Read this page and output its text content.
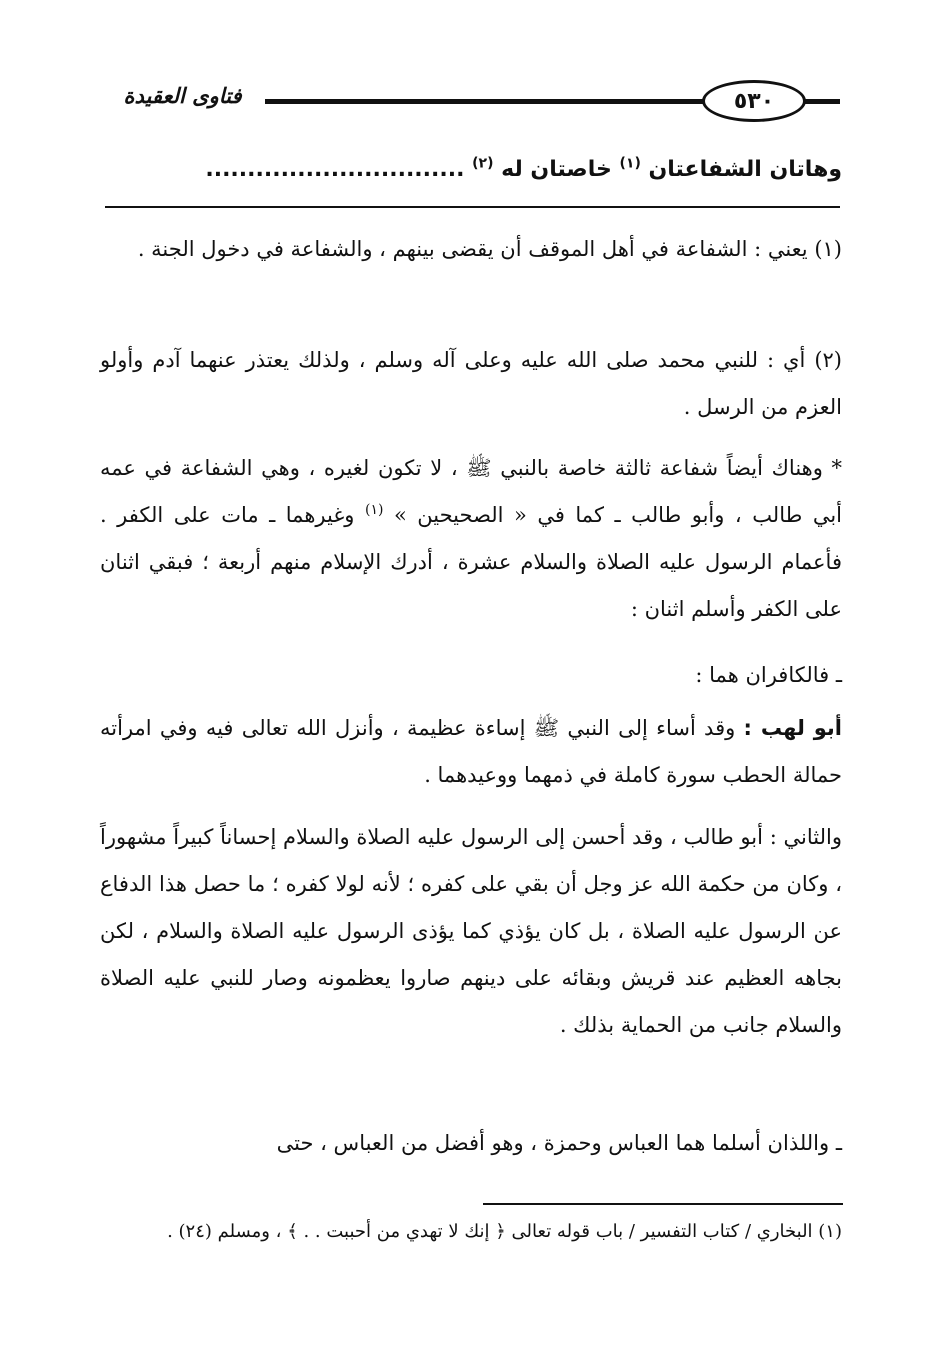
٥٣٠
فتاوى العقيدة
وهاتان الشفاعتان $^{(١)}$ خاصتان له $^{(٢)}$ ...............................
(١) يعني : الشفاعة في أهل الموقف أن يقضى بينهم ، والشفاعة في دخول الجنة .
(٢) أي : للنبي محمد صلى الله عليه وعلى آله وسلم ، ولذلك يعتذر عنهما آدم وأولو العزم من الرسل .
* وهناك أيضاً شفاعة ثالثة خاصة بالنبي ﷺ ، لا تكون لغيره ، وهي الشفاعة في عمه أبي طالب ، وأبو طالب ـ كما في « الصحيحين » $^{(١)}$ وغيرهما ـ مات على الكفر . فأعمام الرسول عليه الصلاة والسلام عشرة ، أدرك الإسلام منهم أربعة ؛ فبقي اثنان على الكفر وأسلم اثنان :
ـ فالكافران هما :
أبو لهب : وقد أساء إلى النبي ﷺ إساءة عظيمة ، وأنزل الله تعالى فيه وفي امرأته حمالة الحطب سورة كاملة في ذمهما ووعيدهما .
والثاني : أبو طالب ، وقد أحسن إلى الرسول عليه الصلاة والسلام إحساناً كبيراً مشهوراً ، وكان من حكمة الله عز وجل أن بقي على كفره ؛ لأنه لولا كفره ؛ ما حصل هذا الدفاع عن الرسول عليه الصلاة ، بل كان يؤذي كما يؤذى الرسول عليه الصلاة والسلام ، لكن بجاهه العظيم عند قريش وبقائه على دينهم صاروا يعظمونه وصار للنبي عليه الصلاة والسلام جانب من الحماية بذلك .
ـ واللذان أسلما هما العباس وحمزة ، وهو أفضل من العباس ، حتى
(١) البخاري / كتاب التفسير / باب قوله تعالى ﴿ إنك لا تهدي من أحببت . . ﴾ ، ومسلم (٢٤) .
